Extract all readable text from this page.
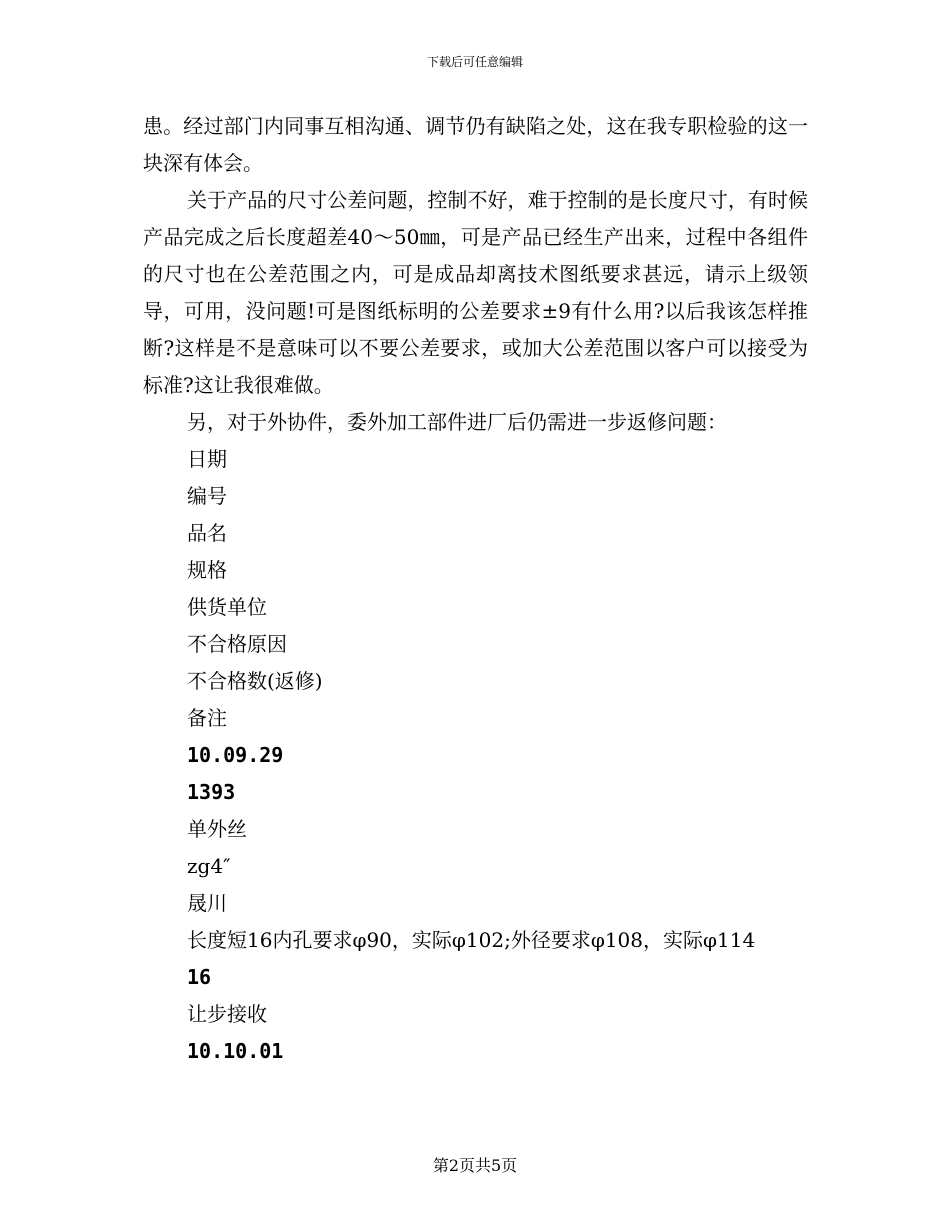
下载后可任意编辑

患。经过部门内同事互相沟通、调节仍有缺陷之处，这在我专职检验的这一块深有体会。

关于产品的尺寸公差问题，控制不好，难于控制的是长度尺寸，有时候产品完成之后长度超差40～50㎜，可是产品已经生产出来，过程中各组件的尺寸也在公差范围之内，可是成品却离技术图纸要求甚远，请示上级领导，可用，没问题!可是图纸标明的公差要求±9有什么用?以后我该怎样推断?这样是不是意味可以不要公差要求，或加大公差范围以客户可以接受为标准?这让我很难做。

另，对于外协件，委外加工部件进厂后仍需进一步返修问题：

日期

编号

品名

规格

供货单位

不合格原因

不合格数(返修)

备注

10.09.29

1393

单外丝

zg4″

晟川

长度短16内孔要求φ90，实际φ102;外径要求φ108，实际φ114

16

让步接收

10.10.01

第2页共5页
